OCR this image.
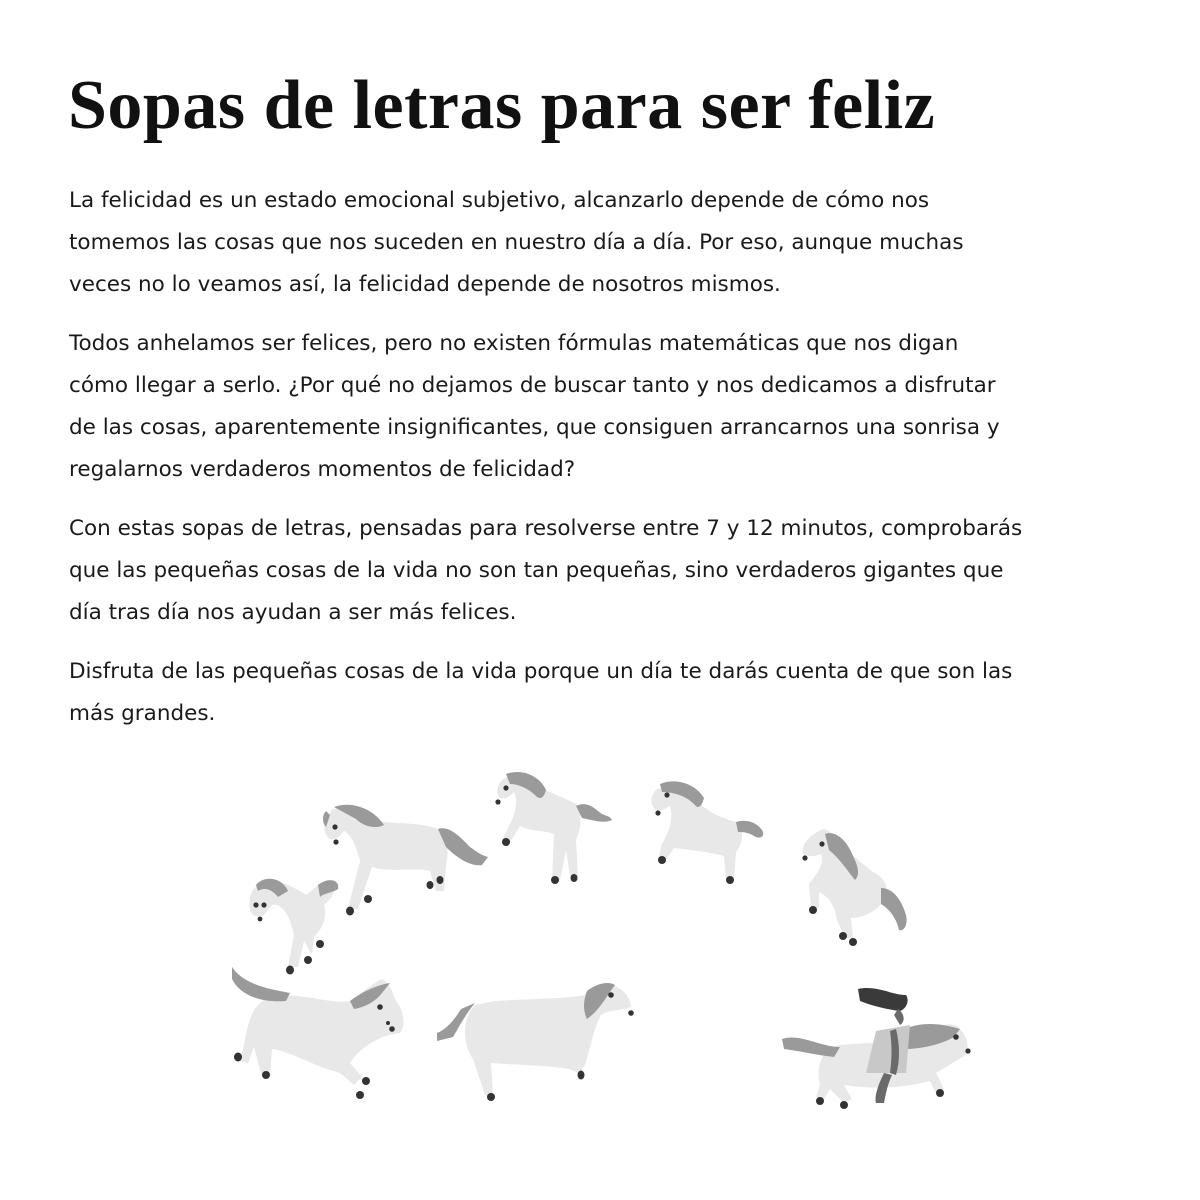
Sopas de letras para ser feliz

La felicidad es un estado emocional subjetivo, alcanzarlo depende de cómo nos
tomemos las cosas que nos suceden en nuestro día a día. Por eso, aunque muchas
veces no lo veamos así, la felicidad depende de nosotros mismos.

Todos anhelamos ser felices, pero no existen fórmulas matemáticas que nos digan
cómo llegar a serlo. ¿Por qué no dejamos de buscar tanto y nos dedicamos a disfrutar
de las cosas, aparentemente insignificantes, que consiguen arrancarnos una sonrisa y
regalarnos verdaderos momentos de felicidad?

Con estas sopas de letras, pensadas para resolverse entre 7 y 12 minutos, comprobarás
que las pequeñas cosas de la vida no son tan pequeñas, sino verdaderos gigantes que
día tras día nos ayudan a ser más felices.

Disfruta de las pequeñas cosas de la vida porque un día te darás cuenta de que son las
más grandes.
